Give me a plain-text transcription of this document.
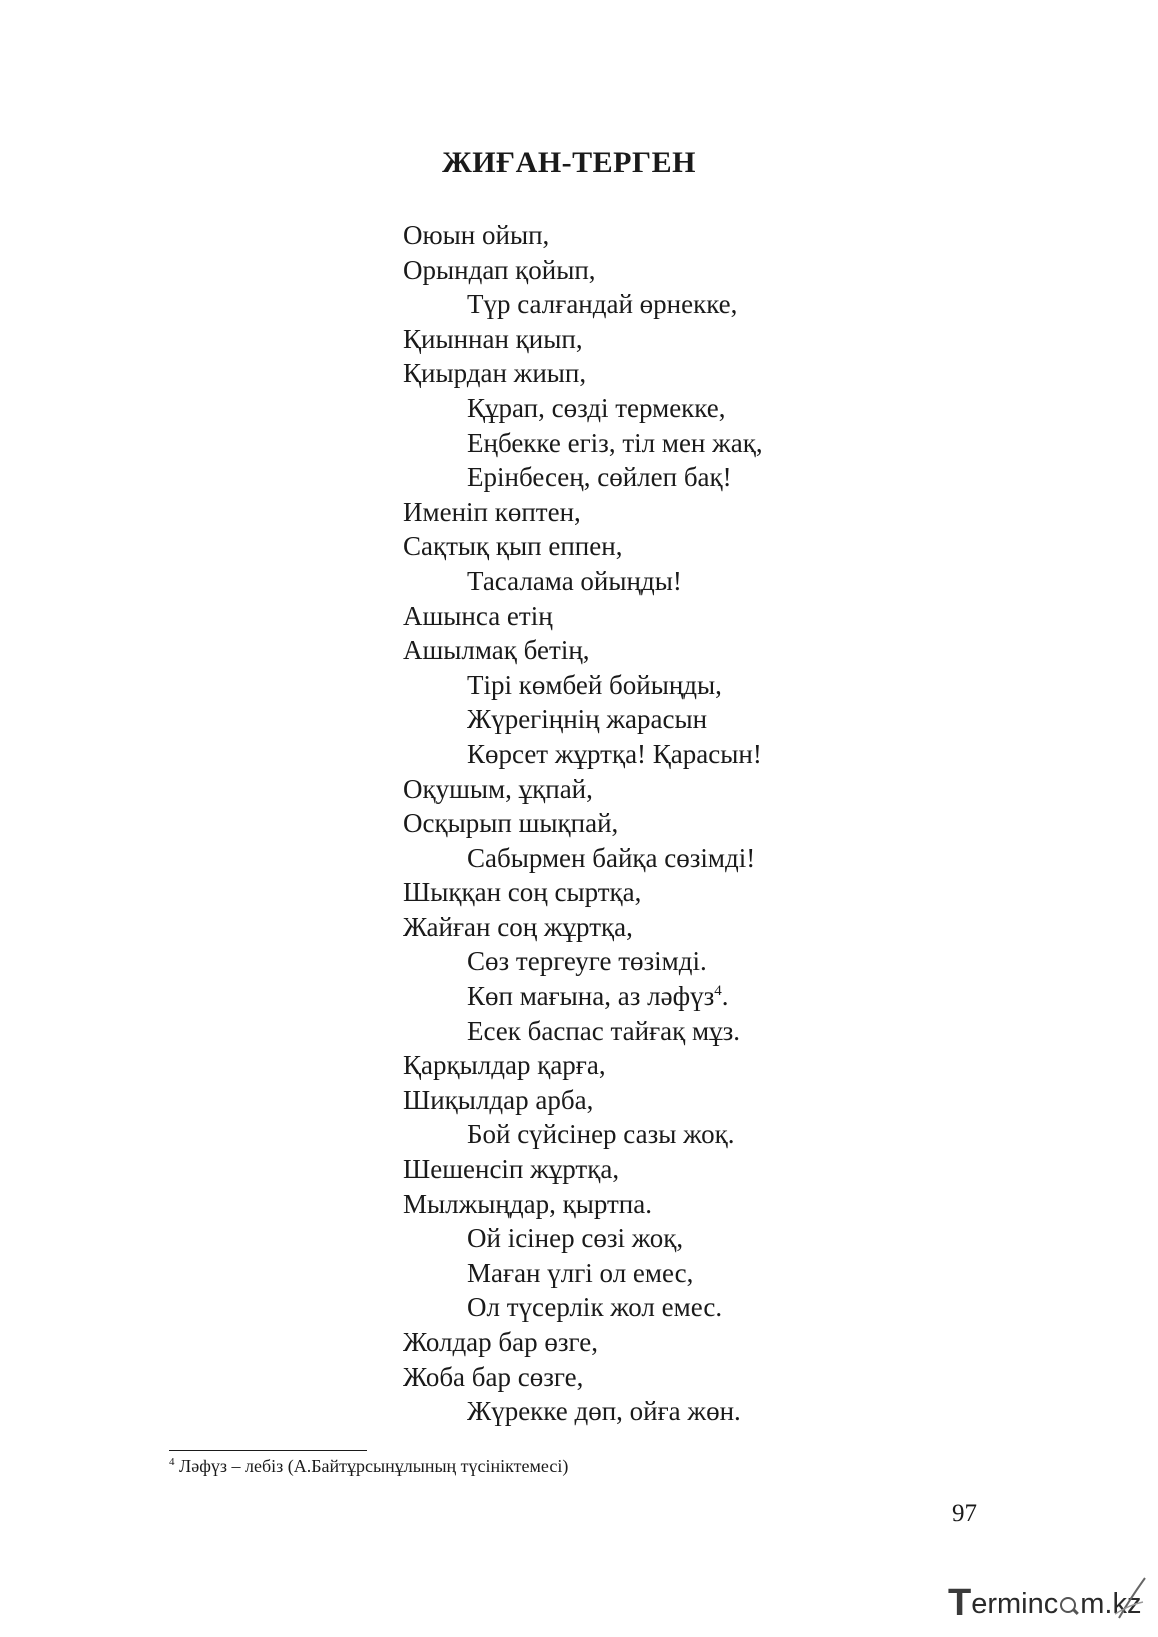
ЖИҒАН-ТЕРГЕН
Оюын ойып,
Орындап қойып,
Түр салғандай өрнекке,
Қиыннан қиып,
Қиырдан жиып,
Құрап, сөзді термекке,
Еңбекке егіз, тіл мен жақ,
Ерінбесең, сөйлеп бақ!
Именіп көптен,
Сақтық қып еппен,
Тасалама ойыңды!
Ашынса етің
Ашылмақ бетің,
Тірі көмбей бойыңды,
Жүрегіңнің жарасын
Көрсет жұртқа! Қарасын!
Оқушым, ұқпай,
Осқырып шықпай,
Сабырмен байқа сөзімді!
Шыққан соң сыртқа,
Жайған соң жұртқа,
Сөз тергеуге төзімді.
Көп мағына, аз ләфүз$^4$.
Есек баспас тайғақ мұз.
Қарқылдар қарға,
Шиқылдар арба,
Бой сүйсінер сазы жоқ.
Шешенсіп жұртқа,
Мылжыңдар, қыртпа.
Ой ісінер сөзі жоқ,
Маған үлгі ол емес,
Ол түсерлік жол емес.
Жолдар бар өзге,
Жоба бар сөзге,
Жүрекке дөп, ойға жөн.
$^4$ Ләфүз – лебіз (А.Байтұрсынұлының түсініктемесі)
97
Terminc m.kz
